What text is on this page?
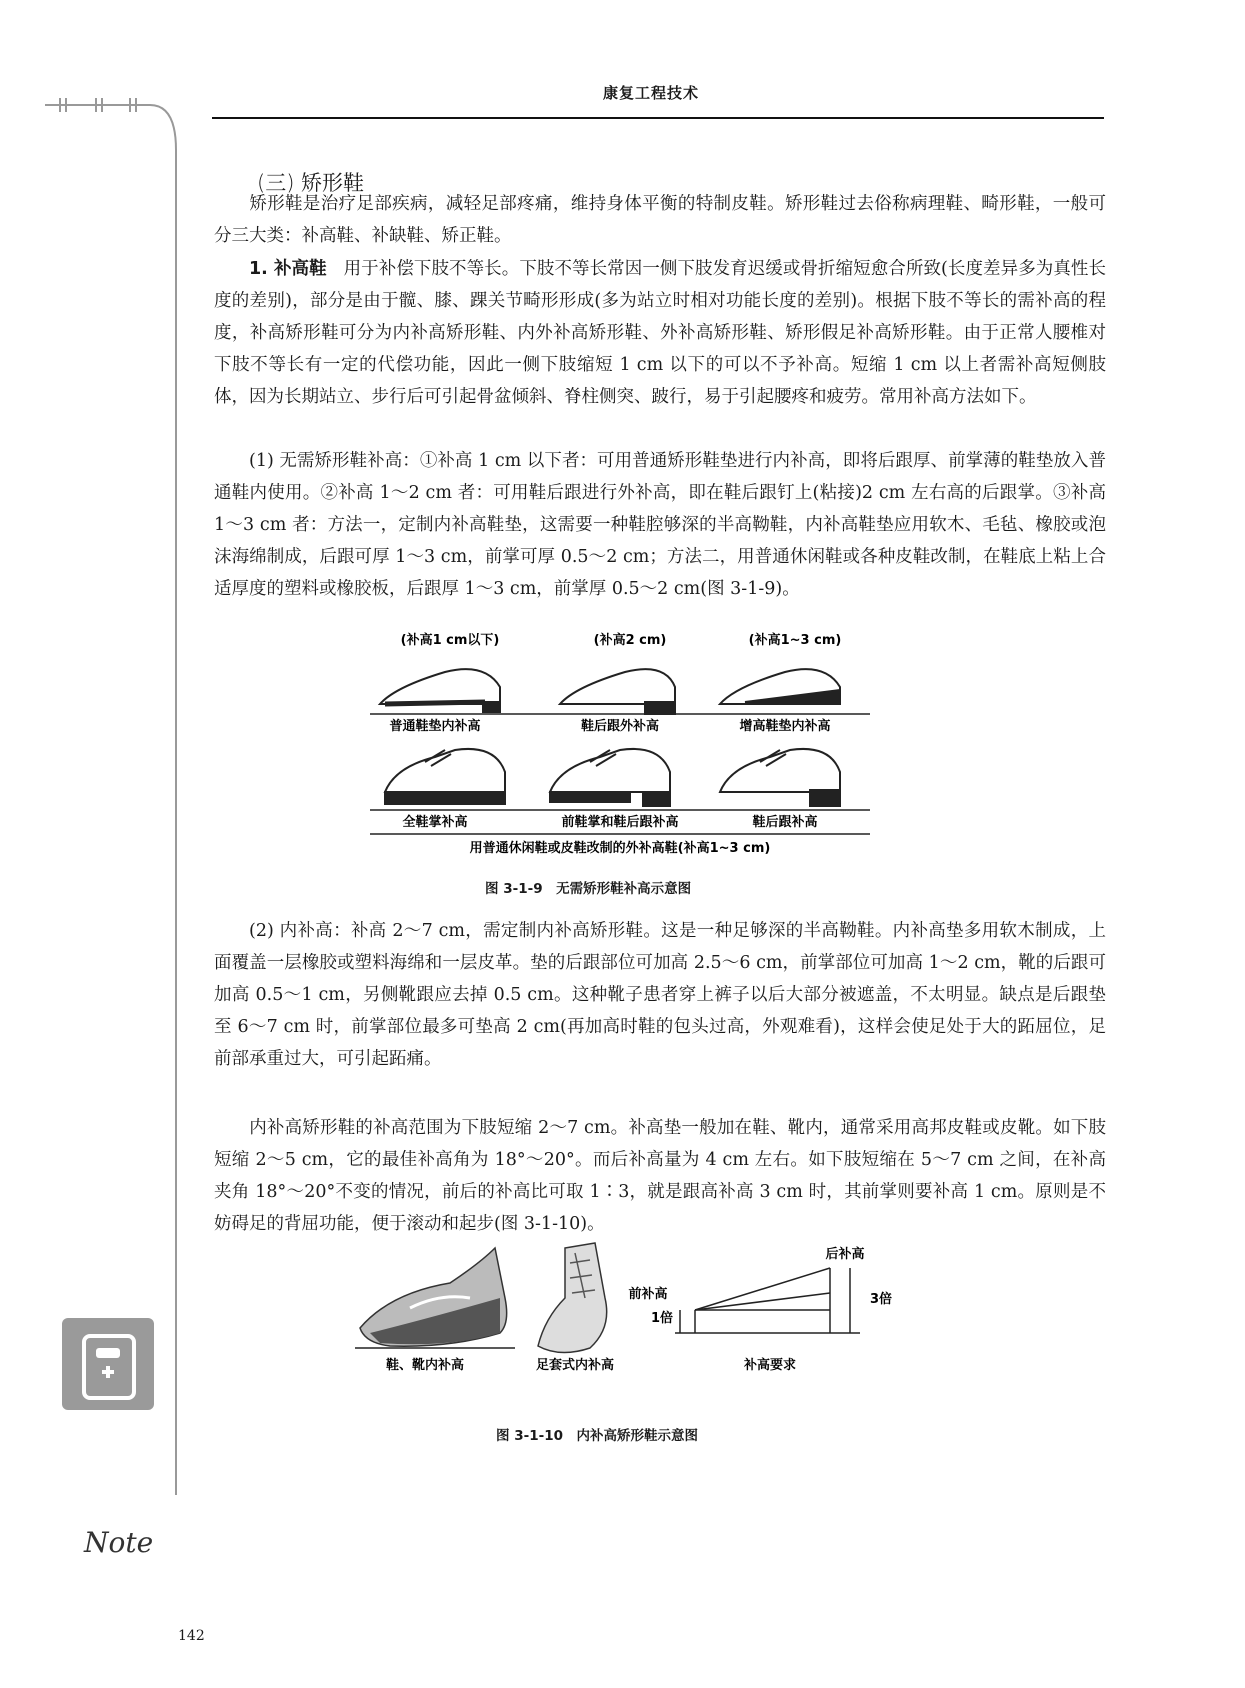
康复工程技术
(三) 矫形鞋
矫形鞋是治疗足部疾病，减轻足部疼痛，维持身体平衡的特制皮鞋。矫形鞋过去俗称病理鞋、畸形鞋，一般可分三大类：补高鞋、补缺鞋、矫正鞋。
1. 补高鞋 用于补偿下肢不等长。下肢不等长常因一侧下肢发育迟缓或骨折缩短愈合所致(长度差异多为真性长度的差别)，部分是由于髋、膝、踝关节畸形形成(多为站立时相对功能长度的差别)。根据下肢不等长的需补高的程度，补高矫形鞋可分为内补高矫形鞋、内外补高矫形鞋、外补高矫形鞋、矫形假足补高矫形鞋。由于正常人腰椎对下肢不等长有一定的代偿功能，因此一侧下肢缩短 1 cm 以下的可以不予补高。短缩 1 cm 以上者需补高短侧肢体，因为长期站立、步行后可引起骨盆倾斜、脊柱侧突、跛行，易于引起腰疼和疲劳。常用补高方法如下。
(1) 无需矫形鞋补高：①补高 1 cm 以下者：可用普通矫形鞋垫进行内补高，即将后跟厚、前掌薄的鞋垫放入普通鞋内使用。②补高 1～2 cm 者：可用鞋后跟进行外补高，即在鞋后跟钉上(粘接)2 cm 左右高的后跟掌。③补高 1～3 cm 者：方法一，定制内补高鞋垫，这需要一种鞋腔够深的半高靿鞋，内补高鞋垫应用软木、毛毡、橡胶或泡沫海绵制成，后跟可厚 1～3 cm，前掌可厚 0.5～2 cm；方法二，用普通休闲鞋或各种皮鞋改制，在鞋底上粘上合适厚度的塑料或橡胶板，后跟厚 1～3 cm，前掌厚 0.5～2 cm(图 3-1-9)。
(补高1 cm以下)	(补高2 cm)	(补高1~3 cm)
普通鞋垫内补高	鞋后跟外补高	增高鞋垫内补高
全鞋掌补高	前鞋掌和鞋后跟补高	鞋后跟补高
用普通休闲鞋或皮鞋改制的外补高鞋(补高1~3 cm)
图 3-1-9　无需矫形鞋补高示意图
(2) 内补高：补高 2～7 cm，需定制内补高矫形鞋。这是一种足够深的半高靿鞋。内补高垫多用软木制成，上面覆盖一层橡胶或塑料海绵和一层皮革。垫的后跟部位可加高 2.5～6 cm，前掌部位可加高 1～2 cm，靴的后跟可加高 0.5～1 cm，另侧靴跟应去掉 0.5 cm。这种靴子患者穿上裤子以后大部分被遮盖，不太明显。缺点是后跟垫至 6～7 cm 时，前掌部位最多可垫高 2 cm(再加高时鞋的包头过高，外观难看)，这样会使足处于大的跖屈位，足前部承重过大，可引起跖痛。
内补高矫形鞋的补高范围为下肢短缩 2～7 cm。补高垫一般加在鞋、靴内，通常采用高邦皮鞋或皮靴。如下肢短缩 2～5 cm，它的最佳补高角为 18°～20°。而后补高量为 4 cm 左右。如下肢短缩在 5～7 cm 之间，在补高夹角 18°～20°不变的情况，前后的补高比可取 1∶3，就是跟高补高 3 cm 时，其前掌则要补高 1 cm。原则是不妨碍足的背屈功能，便于滚动和起步(图 3-1-10)。
后补高
前补高
1倍
3倍
鞋、靴内补高	足套式内补高	补高要求
图 3-1-10　内补高矫形鞋示意图
Note
142
